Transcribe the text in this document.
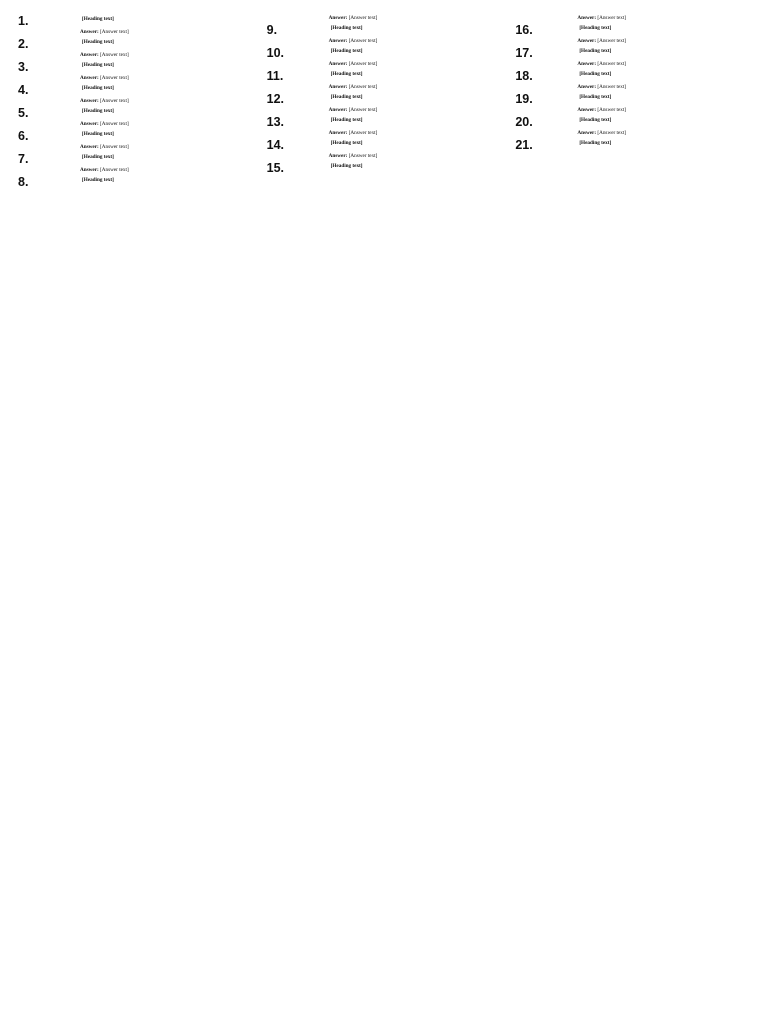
1.	[Heading text]
Answer: [Answer text]
2.	[Heading text]
Answer: [Answer text]
3.	[Heading text]
Answer: [Answer text]
4.	[Heading text]
Answer: [Answer text]
5.	[Heading text]
Answer: [Answer text]
6.	[Heading text]
Answer: [Answer text]
7.	[Heading text]
Answer: [Answer text]
8.	[Heading text]
Answer: [Answer text]
9.	[Heading text]
Answer: [Answer text]
10.	[Heading text]
Answer: [Answer text]
11.	[Heading text]
Answer: [Answer text]
12.	[Heading text]
Answer: [Answer text]
13.	[Heading text]
Answer: [Answer text]
14.	[Heading text]
Answer: [Answer text]
15.	[Heading text]
Answer: [Answer text]
16.	[Heading text]
Answer: [Answer text]
17.	[Heading text]
Answer: [Answer text]
18.	[Heading text]
Answer: [Answer text]
19.	[Heading text]
Answer: [Answer text]
20.	[Heading text]
Answer: [Answer text]
21.	[Heading text]
